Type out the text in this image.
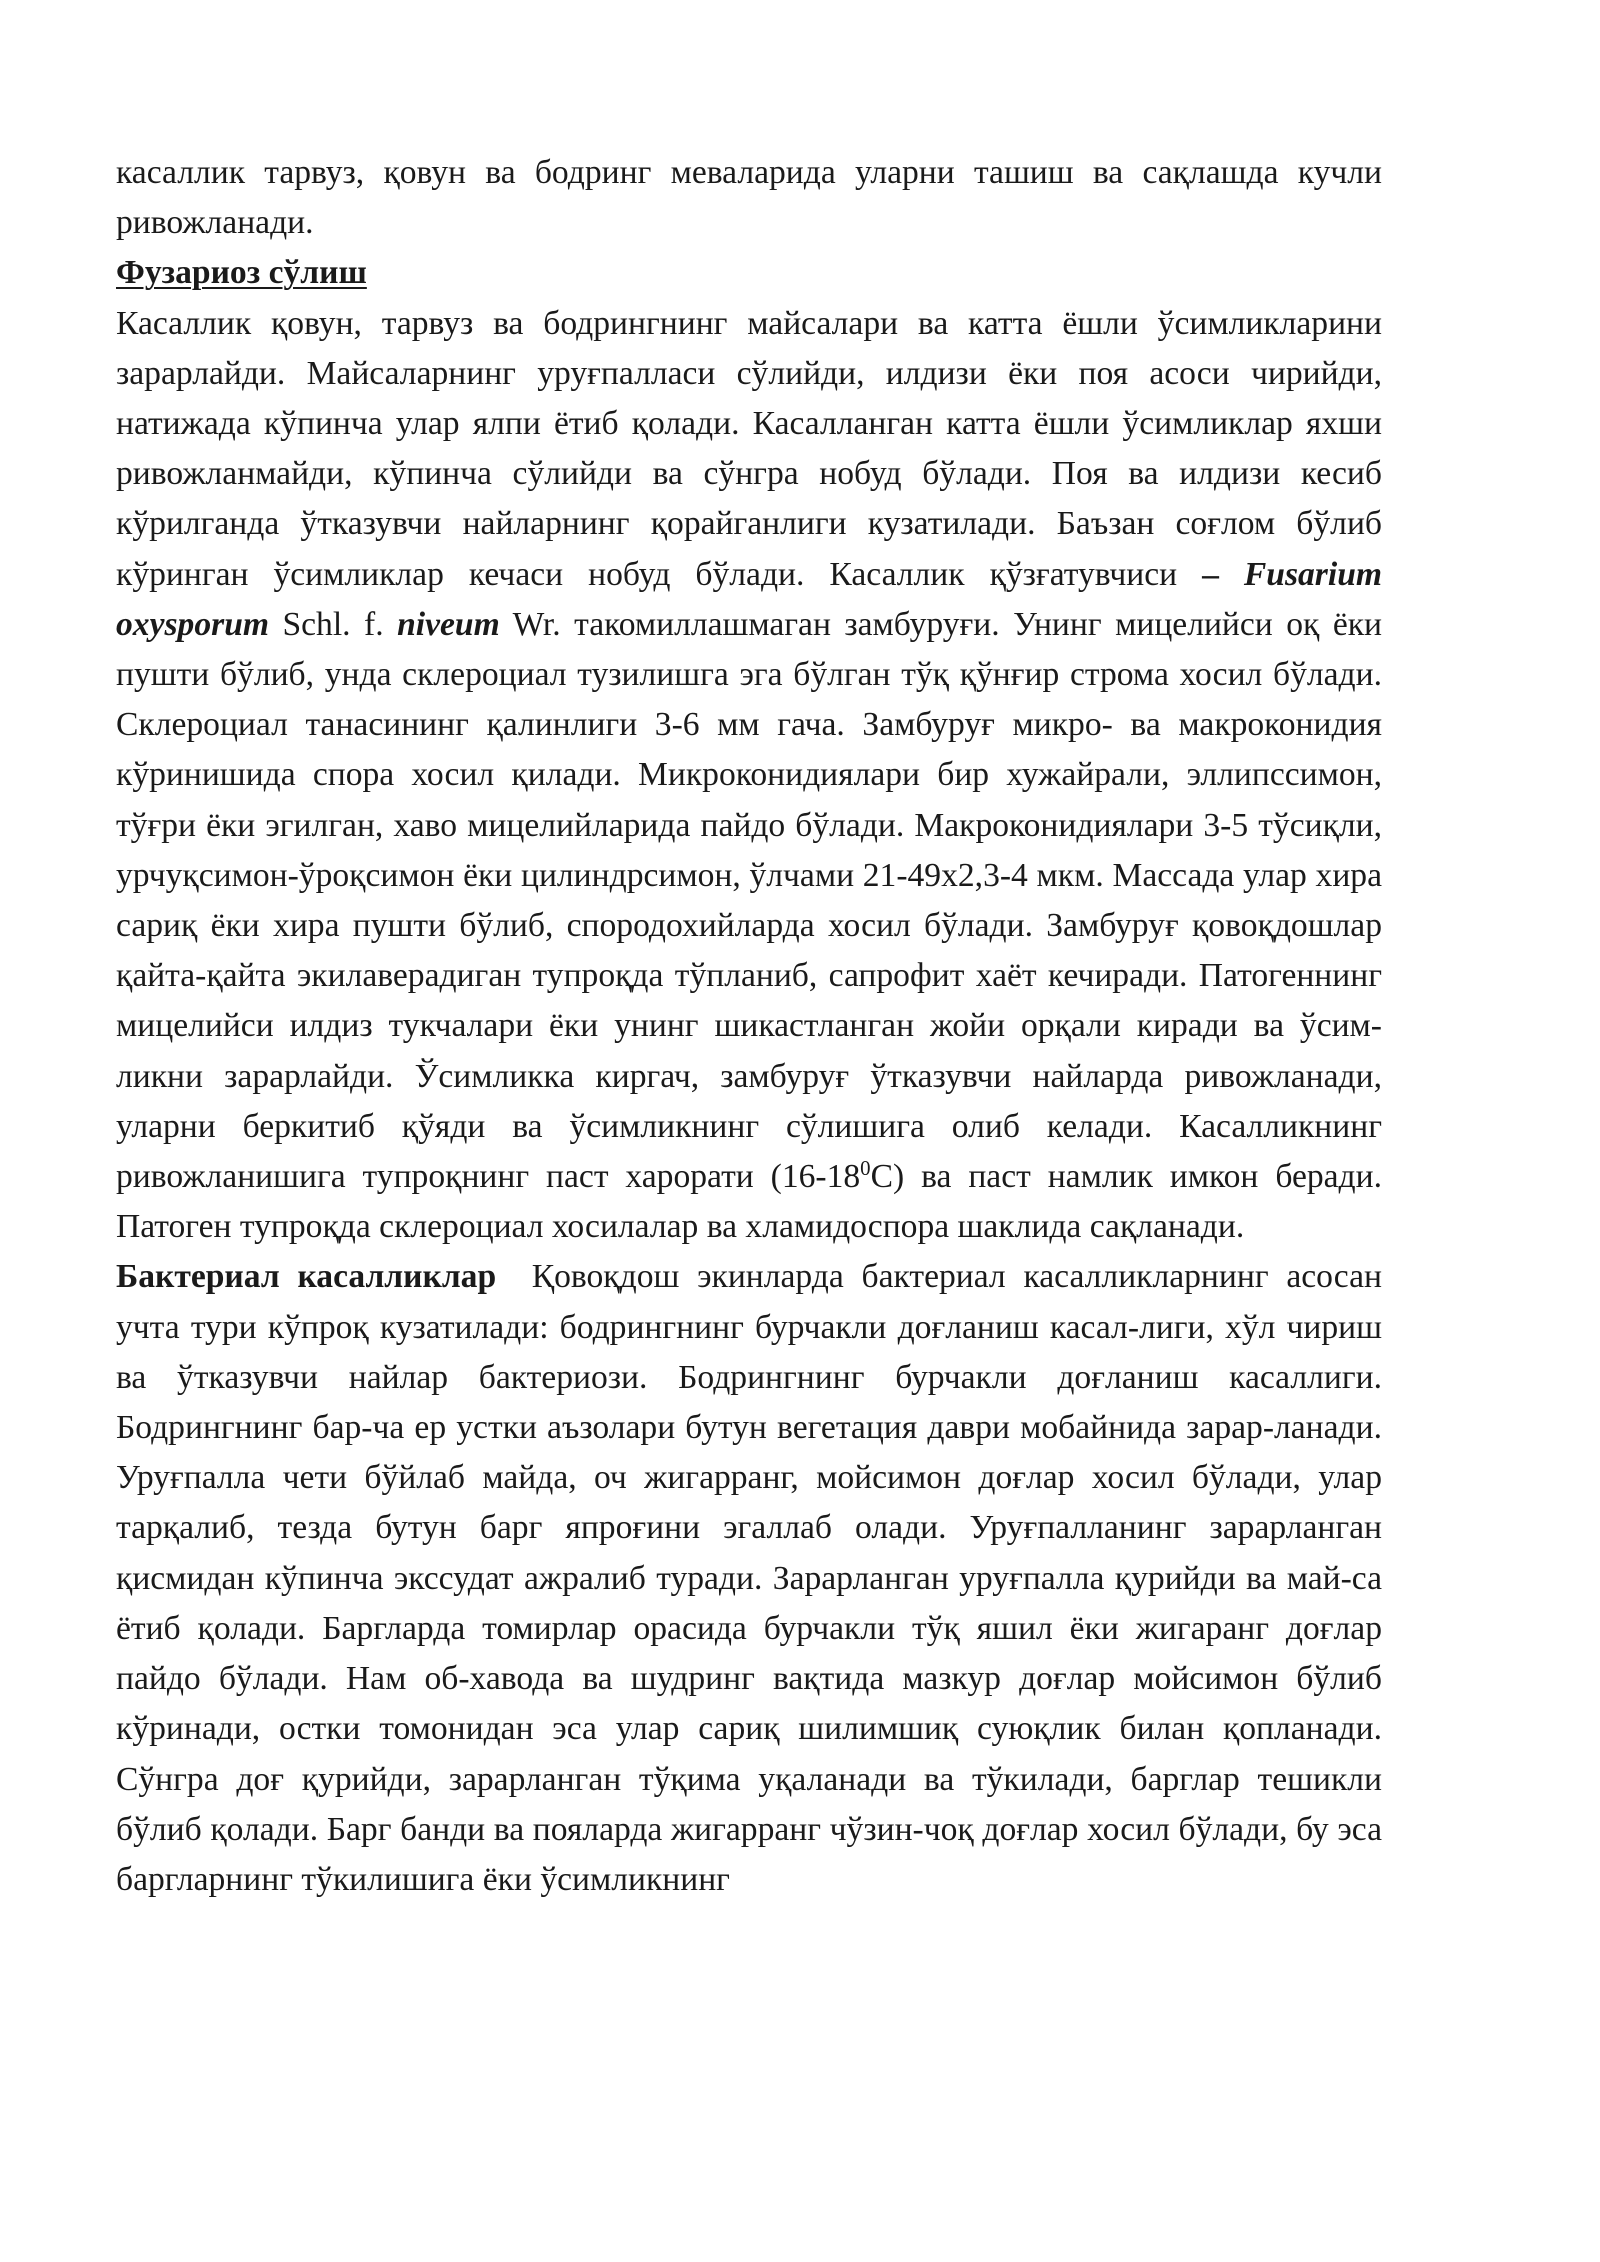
касаллик тарвуз, қовун ва бодринг меваларида уларни ташиш ва сақлашда кучли ривожланади.

Фузариоз сўлиш

Касаллик қовун, тарвуз ва бодрингнинг майсалари ва катта ёшли ўсимликларини зарарлайди. Майсаларнинг уруғпалласи сўлийди, илдизи ёки поя асоси чирийди, натижада кўпинча улар ялпи ётиб қолади. Касалланган катта ёшли ўсимликлар яхши ривожланмайди, кўпинча сўлийди ва сўнгра нобуд бўлади. Поя ва илдизи кесиб кўрилганда ўтказувчи найларнинг қорайганлиги кузатилади. Баъзан соғлом бўлиб кўринган ўсимликлар кечаси нобуд бўлади. Касаллик қўзғатувчиси – Fusarium oxysporum Schl. f. niveum Wr. такомиллашмаган замбуруғи. Унинг мицелийси оқ ёки пушти бўлиб, унда склероциал тузилишга эга бўлган тўқ қўнғир строма хосил бўлади. Склероциал танасининг қалинлиги 3-6 мм гача. Замбуруғ микро- ва макроконидия кўринишида спора хосил қилади. Микроконидиялари бир хужайрали, эллипссимон, тўғри ёки эгилган, хаво мицелийларида пайдо бўлади. Макроконидиялари 3-5 тўсиқли, урчуқсимон-ўроқсимон ёки цилиндрсимон, ўлчами 21-49x2,3-4 мкм. Массада улар хира сариқ ёки хира пушти бўлиб, спородохийларда хосил бўлади. Замбуруғ қовоқдошлар қайта-қайта экилаверадиган тупроқда тўпланиб, сапрофит хаёт кечиради. Патогеннинг мицелийси илдиз тукчалари ёки унинг шикастланган жойи орқали киради ва ўсим-ликни зарарлайди. Ўсимликка киргач, замбуруғ ўтказувчи найларда ривожланади, уларни беркитиб қўяди ва ўсимликнинг сўлишига олиб келади. Касалликнинг ривожланишига тупроқнинг паст харорати $(16-18^0С)$ ва паст намлик имкон беради. Патоген тупроқда склероциал хосилалар ва хламидоспора шаклида сақланади.

Бактериал касалликлар  Қовоқдош экинларда бактериал касалликларнинг асосан учта тури кўпроқ кузатилади: бодрингнинг бурчакли доғланиш касал-лиги, хўл чириш ва ўтказувчи найлар бактериози. Бодрингнинг бурчакли доғланиш касаллиги. Бодрингнинг бар-ча ер устки аъзолари бутун вегетация даври мобайнида зарар-ланади. Уруғпалла чети бўйлаб майда, оч жигарранг, мойсимон доғлар хосил бўлади, улар тарқалиб, тезда бутун барг япроғини эгаллаб олади. Уруғпалланинг зарарланган қисмидан кўпинча экссудат ажралиб туради. Зарарланган уруғпалла қурийди ва май-са ётиб қолади. Баргларда томирлар орасида бурчакли тўқ яшил ёки жигаранг доғлар пайдо бўлади. Нам об-хавода ва шудринг вақтида мазкур доғлар мойсимон бўлиб кўринади, остки томонидан эса улар сариқ шилимшиқ суюқлик билан қопланади. Сўнгра доғ қурийди, зарарланган тўқима уқаланади ва тўкилади, барглар тешикли бўлиб қолади. Барг банди ва пояларда жигарранг чўзин-чоқ доғлар хосил бўлади, бу эса баргларнинг тўкилишига ёки ўсимликнинг
